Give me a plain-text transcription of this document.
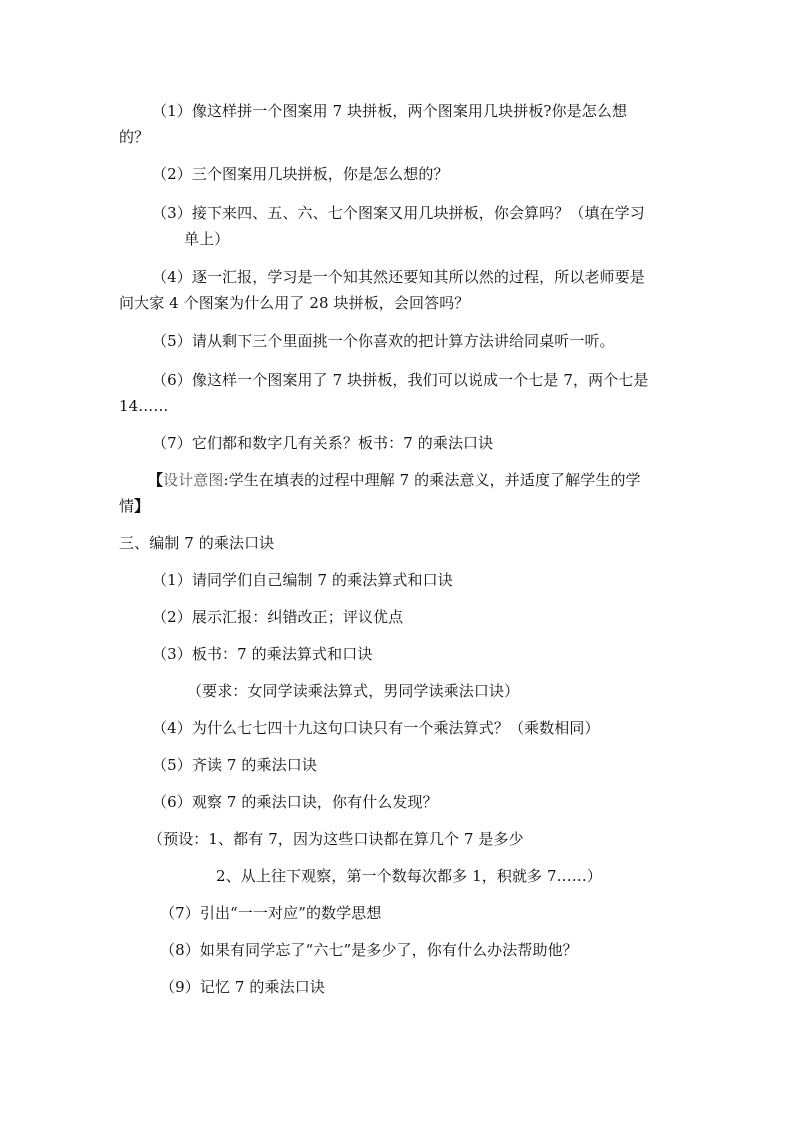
（1）像这样拼一个图案用 7 块拼板，两个图案用几块拼板?你是怎么想
的？
（2）三个图案用几块拼板，你是怎么想的？
（3）接下来四、五、六、七个图案又用几块拼板，你会算吗？（填在学习
单上）
（4）逐一汇报，学习是一个知其然还要知其所以然的过程，所以老师要是
问大家 4 个图案为什么用了 28 块拼板，会回答吗？
（5）请从剩下三个里面挑一个你喜欢的把计算方法讲给同桌听一听。
（6）像这样一个图案用了 7 块拼板，我们可以说成一个七是 7，两个七是
14……
（7）它们都和数字几有关系？板书：7 的乘法口诀
【设计意图:学生在填表的过程中理解 7 的乘法意义，并适度了解学生的学
情】
三、编制 7 的乘法口诀
（1）请同学们自己编制 7 的乘法算式和口诀
（2）展示汇报：纠错改正；评议优点
（3）板书：7 的乘法算式和口诀
（要求：女同学读乘法算式，男同学读乘法口诀）
（4）为什么七七四十九这句口诀只有一个乘法算式？（乘数相同）
（5）齐读 7 的乘法口诀
（6）观察 7 的乘法口诀，你有什么发现？
（预设：1、都有 7，因为这些口诀都在算几个 7 是多少
2、从上往下观察，第一个数每次都多 1，积就多 7……）
（7）引出“一一对应”的数学思想
（8）如果有同学忘了“六七”是多少了，你有什么办法帮助他？
（9）记忆 7 的乘法口诀
